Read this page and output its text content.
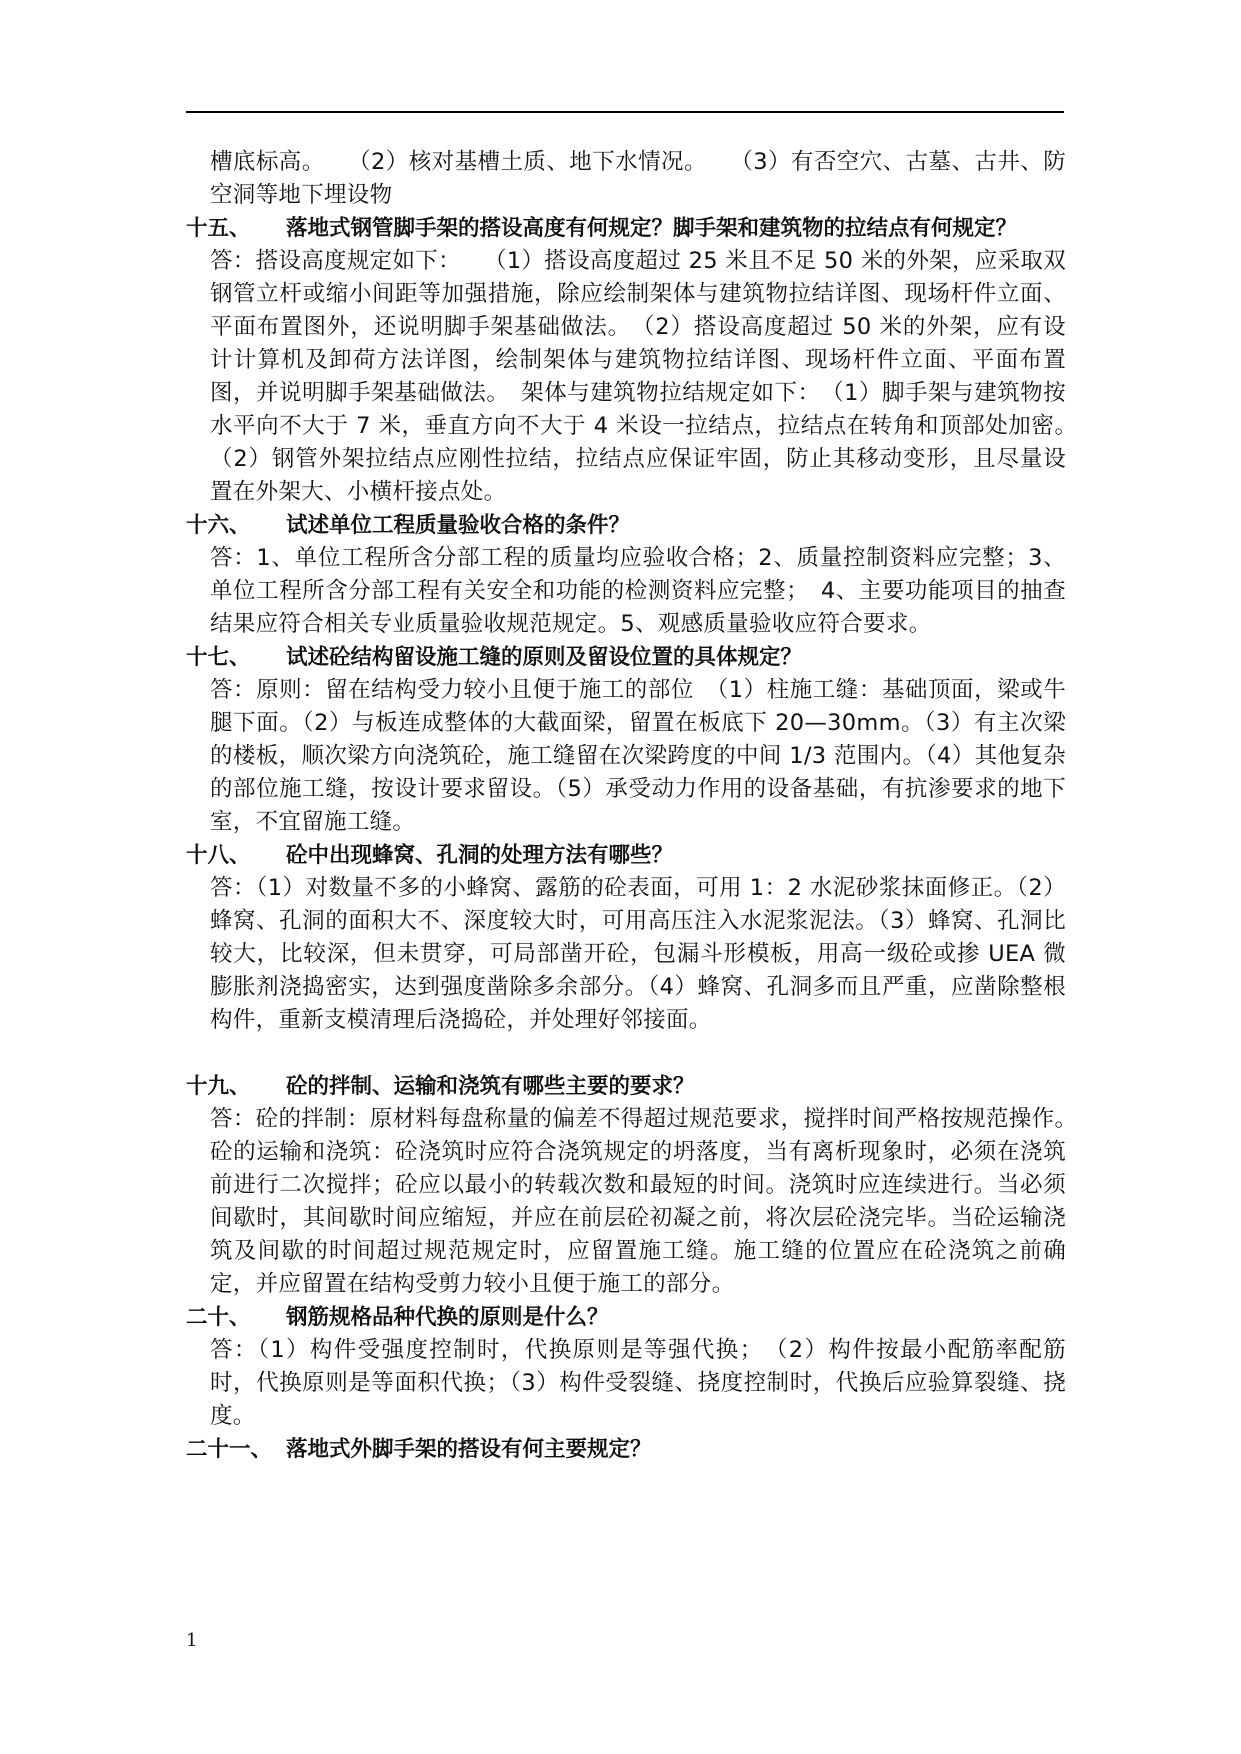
槽底标高。　　（2）核对基槽土质、地下水情况。　　（3）有否空穴、古墓、古井、防空洞等地下埋设物

十五、 落地式钢管脚手架的搭设高度有何规定？脚手架和建筑物的拉结点有何规定？

答：搭设高度规定如下：　　（1）搭设高度超过 25 米且不足 50 米的外架，应采取双钢管立杆或缩小间距等加强措施，除应绘制架体与建筑物拉结详图、现场杆件立面、平面布置图外，还说明脚手架基础做法。　（2）搭设高度超过 50 米的外架，应有设计计算机及卸荷方法详图，绘制架体与建筑物拉结详图、现场杆件立面、平面布置图，并说明脚手架基础做法。　架体与建筑物拉结规定如下：　（1）脚手架与建筑物按水平向不大于 7 米，垂直方向不大于 4 米设一拉结点，拉结点在转角和顶部处加密。　（2）钢管外架拉结点应刚性拉结，拉结点应保证牢固，防止其移动变形，且尽量设置在外架大、小横杆接点处。

十六、 试述单位工程质量验收合格的条件？

答：1、单位工程所含分部工程的质量均应验收合格；2、质量控制资料应完整；3、单位工程所含分部工程有关安全和功能的检测资料应完整；　4、主要功能项目的抽查结果应符合相关专业质量验收规范规定。5、观感质量验收应符合要求。

十七、 试述砼结构留设施工缝的原则及留设位置的具体规定？

答：原则：留在结构受力较小且便于施工的部位　（1）柱施工缝：基础顶面，梁或牛腿下面。（2）与板连成整体的大截面梁，留置在板底下 20—30mm。（3）有主次梁的楼板，顺次梁方向浇筑砼，施工缝留在次梁跨度的中间 1/3 范围内。（4）其他复杂的部位施工缝，按设计要求留设。（5）承受动力作用的设备基础，有抗渗要求的地下室，不宜留施工缝。

十八、 砼中出现蜂窝、孔洞的处理方法有哪些？

答：（1）对数量不多的小蜂窝、露筋的砼表面，可用 1：2 水泥砂浆抹面修正。（2）蜂窝、孔洞的面积大不、深度较大时，可用高压注入水泥浆泥法。（3）蜂窝、孔洞比较大，比较深，但未贯穿，可局部凿开砼，包漏斗形模板，用高一级砼或掺 UEA 微膨胀剂浇捣密实，达到强度凿除多余部分。（4）蜂窝、孔洞多而且严重，应凿除整根构件，重新支模清理后浇捣砼，并处理好邻接面。

十九、 砼的拌制、运输和浇筑有哪些主要的要求？

答：砼的拌制：原材料每盘称量的偏差不得超过规范要求，搅拌时间严格按规范操作。　砼的运输和浇筑：砼浇筑时应符合浇筑规定的坍落度，当有离析现象时，必须在浇筑前进行二次搅拌；砼应以最小的转载次数和最短的时间。浇筑时应连续进行。当必须间歇时，其间歇时间应缩短，并应在前层砼初凝之前，将次层砼浇完毕。当砼运输浇筑及间歇的时间超过规范规定时，应留置施工缝。施工缝的位置应在砼浇筑之前确定，并应留置在结构受剪力较小且便于施工的部分。

二十、 钢筋规格品种代换的原则是什么？

答：（1）构件受强度控制时，代换原则是等强代换；　（2）构件按最小配筋率配筋时，代换原则是等面积代换；（3）构件受裂缝、挠度控制时，代换后应验算裂缝、挠度。

二十一、 落地式外脚手架的搭设有何主要规定？

1
